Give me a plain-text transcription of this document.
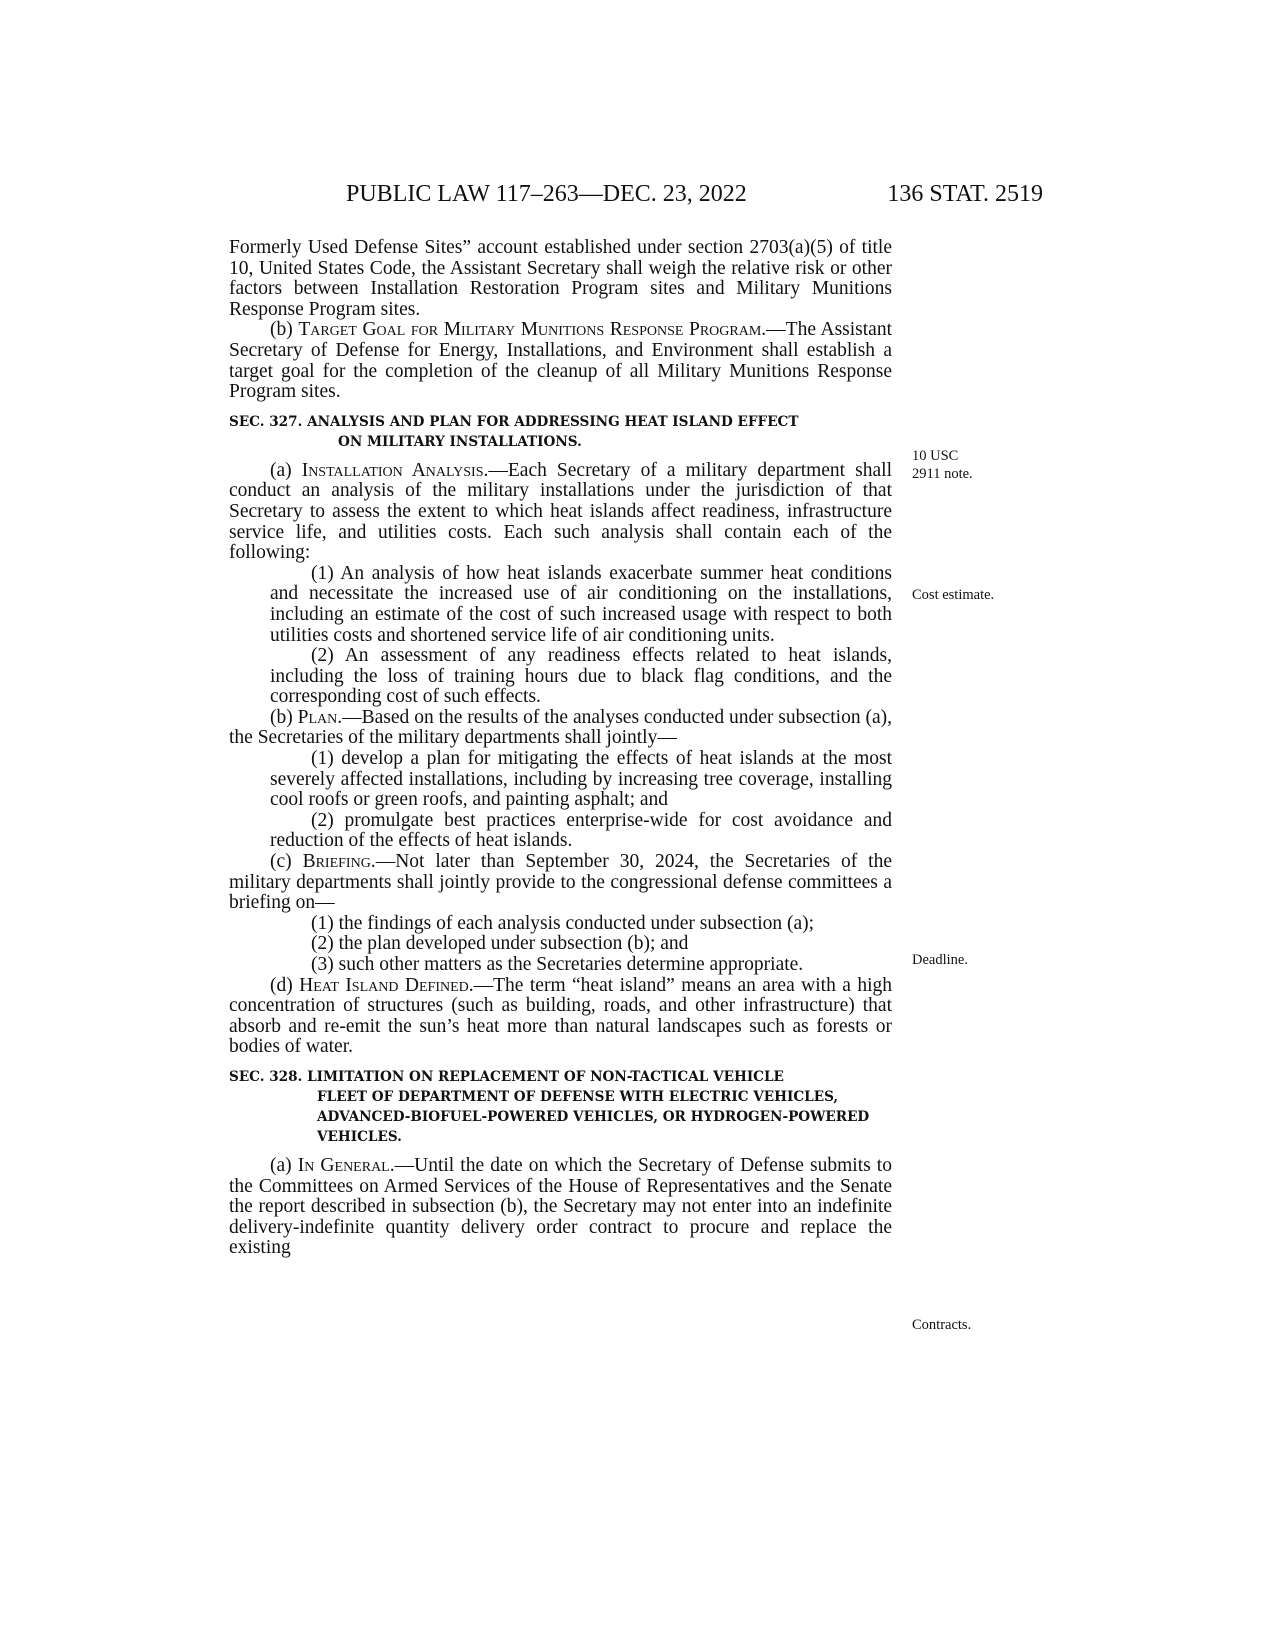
PUBLIC LAW 117–263—DEC. 23, 2022	136 STAT. 2519

Formerly Used Defense Sites” account established under section 2703(a)(5) of title 10, United States Code, the Assistant Secretary shall weigh the relative risk or other factors between Installation Restoration Program sites and Military Munitions Response Program sites.

(b) Target Goal for Military Munitions Response Program.—The Assistant Secretary of Defense for Energy, Installations, and Environment shall establish a target goal for the completion of the cleanup of all Military Munitions Response Program sites.

SEC. 327. ANALYSIS AND PLAN FOR ADDRESSING HEAT ISLAND EFFECT
ON MILITARY INSTALLATIONS.

(a) Installation Analysis.—Each Secretary of a military department shall conduct an analysis of the military installations under the jurisdiction of that Secretary to assess the extent to which heat islands affect readiness, infrastructure service life, and utilities costs. Each such analysis shall contain each of the following:

(1) An analysis of how heat islands exacerbate summer heat conditions and necessitate the increased use of air conditioning on the installations, including an estimate of the cost of such increased usage with respect to both utilities costs and shortened service life of air conditioning units.

(2) An assessment of any readiness effects related to heat islands, including the loss of training hours due to black flag conditions, and the corresponding cost of such effects.

(b) Plan.—Based on the results of the analyses conducted under subsection (a), the Secretaries of the military departments shall jointly—

(1) develop a plan for mitigating the effects of heat islands at the most severely affected installations, including by increasing tree coverage, installing cool roofs or green roofs, and painting asphalt; and

(2) promulgate best practices enterprise-wide for cost avoidance and reduction of the effects of heat islands.

(c) Briefing.—Not later than September 30, 2024, the Secretaries of the military departments shall jointly provide to the congressional defense committees a briefing on—

(1) the findings of each analysis conducted under subsection (a);

(2) the plan developed under subsection (b); and

(3) such other matters as the Secretaries determine appropriate.

(d) Heat Island Defined.—The term “heat island” means an area with a high concentration of structures (such as building, roads, and other infrastructure) that absorb and re-emit the sun’s heat more than natural landscapes such as forests or bodies of water.

SEC. 328. LIMITATION ON REPLACEMENT OF NON-TACTICAL VEHICLE
FLEET OF DEPARTMENT OF DEFENSE WITH ELECTRIC VEHICLES, ADVANCED-BIOFUEL-POWERED VEHICLES, OR HYDROGEN-POWERED VEHICLES.

(a) In General.—Until the date on which the Secretary of Defense submits to the Committees on Armed Services of the House of Representatives and the Senate the report described in subsection (b), the Secretary may not enter into an indefinite delivery-indefinite quantity delivery order contract to procure and replace the existing

10 USC 2911 note.
Cost estimate.
Deadline.
Contracts.
